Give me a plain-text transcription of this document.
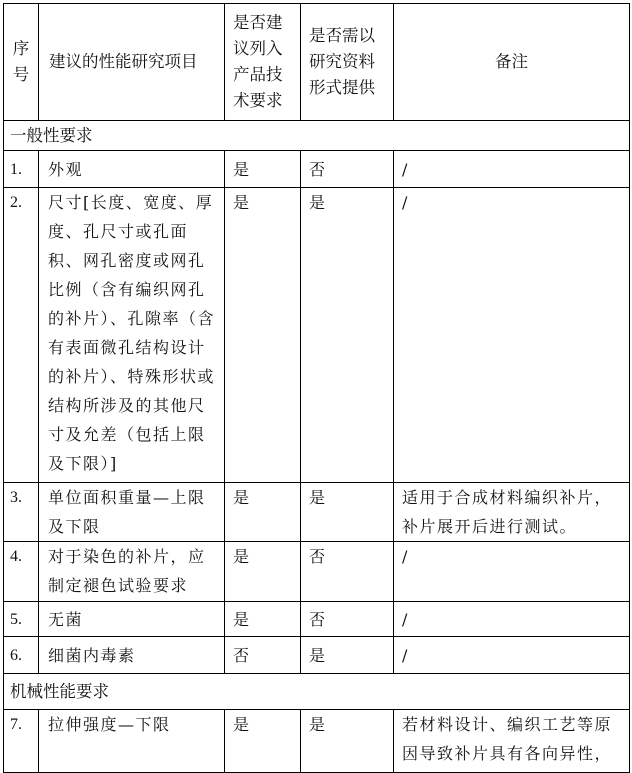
序号	建议的性能研究项目	是否建议列入产品技术要求	是否需以研究资料形式提供	备注
一般性要求				
1.	外观	是	否	/
2.	尺寸[长度、宽度、厚度、孔尺寸或孔面积、网孔密度或网孔比例（含有编织网孔的补片）、孔隙率（含有表面微孔结构设计的补片）、特殊形状或结构所涉及的其他尺寸及允差（包括上限及下限）]	是	是	/
3.	单位面积重量—上限及下限	是	是	适用于合成材料编织补片，补片展开后进行测试。
4.	对于染色的补片，应制定褪色试验要求	是	否	/
5.	无菌	是	否	/
6.	细菌内毒素	否	是	/
机械性能要求				
7.	拉伸强度—下限	是	是	若材料设计、编织工艺等原因导致补片具有各向异性，
